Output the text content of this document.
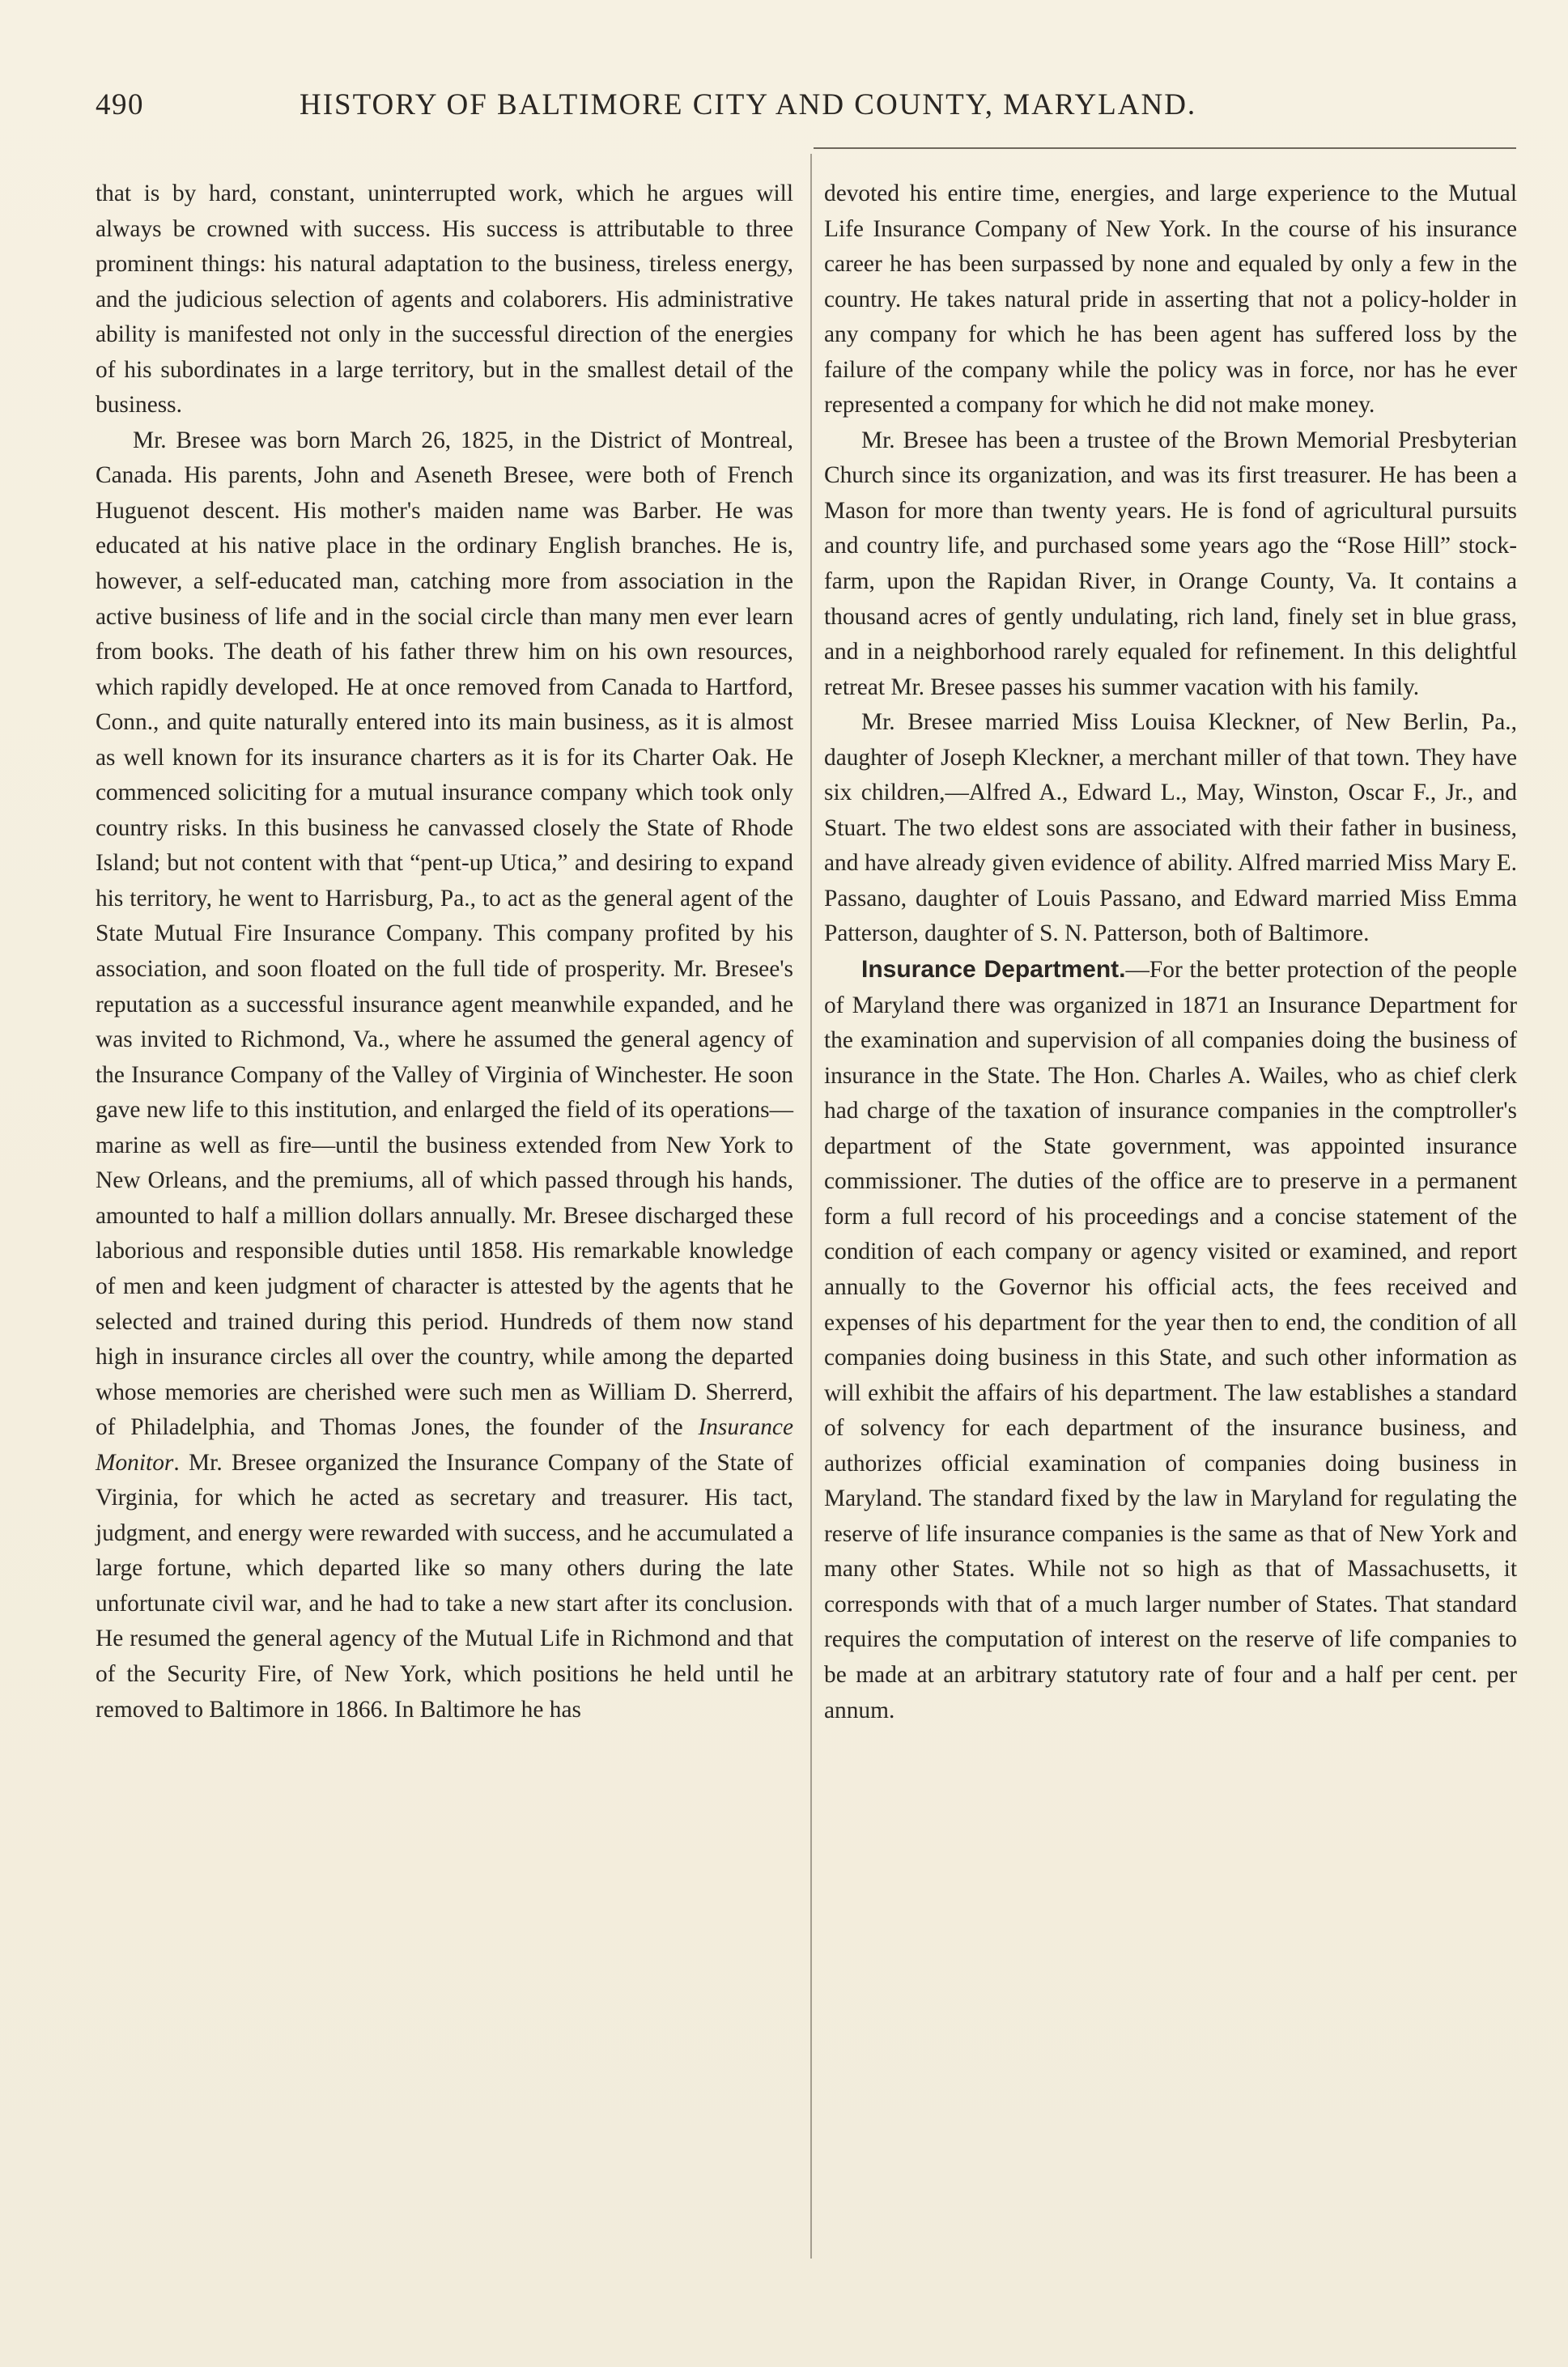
490	HISTORY OF BALTIMORE CITY AND COUNTY, MARYLAND.

that is by hard, constant, uninterrupted work, which he argues will always be crowned with success. His success is attributable to three prominent things: his natural adaptation to the business, tireless energy, and the judicious selection of agents and colaborers. His administrative ability is manifested not only in the successful direction of the energies of his subordinates in a large territory, but in the smallest detail of the business.

Mr. Bresee was born March 26, 1825, in the District of Montreal, Canada. His parents, John and Aseneth Bresee, were both of French Huguenot descent. His mother's maiden name was Barber. He was educated at his native place in the ordinary English branches. He is, however, a self-educated man, catching more from association in the active business of life and in the social circle than many men ever learn from books. The death of his father threw him on his own resources, which rapidly developed. He at once removed from Canada to Hartford, Conn., and quite naturally entered into its main business, as it is almost as well known for its insurance charters as it is for its Charter Oak. He commenced soliciting for a mutual insurance company which took only country risks. In this business he canvassed closely the State of Rhode Island; but not content with that “pent-up Utica,” and desiring to expand his territory, he went to Harrisburg, Pa., to act as the general agent of the State Mutual Fire Insurance Company. This company profited by his association, and soon floated on the full tide of prosperity. Mr. Bresee's reputation as a successful insurance agent meanwhile expanded, and he was invited to Richmond, Va., where he assumed the general agency of the Insurance Company of the Valley of Virginia of Winchester. He soon gave new life to this institution, and enlarged the field of its operations—marine as well as fire—until the business extended from New York to New Orleans, and the premiums, all of which passed through his hands, amounted to half a million dollars annually. Mr. Bresee discharged these laborious and responsible duties until 1858. His remarkable knowledge of men and keen judgment of character is attested by the agents that he selected and trained during this period. Hundreds of them now stand high in insurance circles all over the country, while among the departed whose memories are cherished were such men as William D. Sherrerd, of Philadelphia, and Thomas Jones, the founder of the Insurance Monitor. Mr. Bresee organized the Insurance Company of the State of Virginia, for which he acted as secretary and treasurer. His tact, judgment, and energy were rewarded with success, and he accumulated a large fortune, which departed like so many others during the late unfortunate civil war, and he had to take a new start after its conclusion. He resumed the general agency of the Mutual Life in Richmond and that of the Security Fire, of New York, which positions he held until he removed to Baltimore in 1866. In Baltimore he has

devoted his entire time, energies, and large experience to the Mutual Life Insurance Company of New York. In the course of his insurance career he has been surpassed by none and equaled by only a few in the country. He takes natural pride in asserting that not a policy-holder in any company for which he has been agent has suffered loss by the failure of the company while the policy was in force, nor has he ever represented a company for which he did not make money.

Mr. Bresee has been a trustee of the Brown Memorial Presbyterian Church since its organization, and was its first treasurer. He has been a Mason for more than twenty years. He is fond of agricultural pursuits and country life, and purchased some years ago the “Rose Hill” stock-farm, upon the Rapidan River, in Orange County, Va. It contains a thousand acres of gently undulating, rich land, finely set in blue grass, and in a neighborhood rarely equaled for refinement. In this delightful retreat Mr. Bresee passes his summer vacation with his family.

Mr. Bresee married Miss Louisa Kleckner, of New Berlin, Pa., daughter of Joseph Kleckner, a merchant miller of that town. They have six children,—Alfred A., Edward L., May, Winston, Oscar F., Jr., and Stuart. The two eldest sons are associated with their father in business, and have already given evidence of ability. Alfred married Miss Mary E. Passano, daughter of Louis Passano, and Edward married Miss Emma Patterson, daughter of S. N. Patterson, both of Baltimore.

Insurance Department.—For the better protection of the people of Maryland there was organized in 1871 an Insurance Department for the examination and supervision of all companies doing the business of insurance in the State. The Hon. Charles A. Wailes, who as chief clerk had charge of the taxation of insurance companies in the comptroller's department of the State government, was appointed insurance commissioner. The duties of the office are to preserve in a permanent form a full record of his proceedings and a concise statement of the condition of each company or agency visited or examined, and report annually to the Governor his official acts, the fees received and expenses of his department for the year then to end, the condition of all companies doing business in this State, and such other information as will exhibit the affairs of his department. The law establishes a standard of solvency for each department of the insurance business, and authorizes official examination of companies doing business in Maryland. The standard fixed by the law in Maryland for regulating the reserve of life insurance companies is the same as that of New York and many other States. While not so high as that of Massachusetts, it corresponds with that of a much larger number of States. That standard requires the computation of interest on the reserve of life companies to be made at an arbitrary statutory rate of four and a half per cent. per annum.
